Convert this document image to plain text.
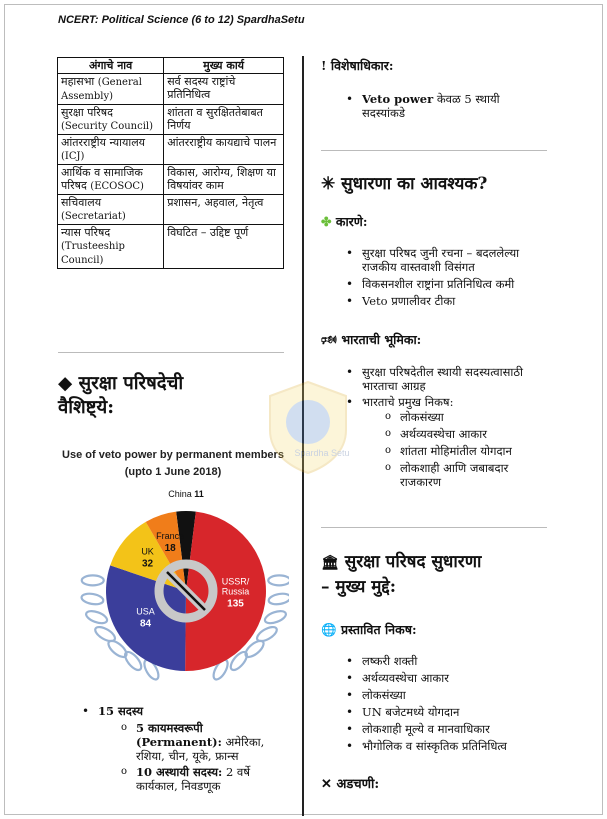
NCERT: Political Science (6 to 12) SpardhaSetu
अंगाचे नाव	मुख्य कार्य
महासभा (General Assembly)	सर्व सदस्य राष्ट्रांचे प्रतिनिधित्व
सुरक्षा परिषद (Security Council)	शांतता व सुरक्षिततेबाबत निर्णय
आंतरराष्ट्रीय न्यायालय (ICJ)	आंतरराष्ट्रीय कायद्याचे पालन
आर्थिक व सामाजिक परिषद (ECOSOC)	विकास, आरोग्य, शिक्षण या विषयांवर काम
सचिवालय (Secretariat)	प्रशासन, अहवाल, नेतृत्व
न्यास परिषद (Trusteeship Council)	विघटित – उद्दिष्ट पूर्ण
◆ सुरक्षा परिषदेची
वैशिष्ट्ये:
Use of veto power by permanent members
(upto 1 June 2018)
China 11
USSR/ Russia 135
USA 84
UK 32
France 18
• 15 सदस्य
o 5 कायमस्वरूपी (Permanent): अमेरिका, रशिया, चीन, यूके, फ्रान्स
o 10 अस्थायी सदस्य: 2 वर्षे कार्यकाल, निवडणूक
Spardha Setu
! विशेषाधिकार:
• Veto power केवळ 5 स्थायी सदस्यांकडे
✳ सुधारणा का आवश्यक?
✤ कारणे:
• सुरक्षा परिषद जुनी रचना – बदललेल्या राजकीय वास्तवाशी विसंगत
• विकसनशील राष्ट्रांना प्रतिनिधित्व कमी
• Veto प्रणालीवर टीका
🕬 भारताची भूमिका:
• सुरक्षा परिषदेतील स्थायी सदस्यत्वासाठी भारताचा आग्रह
• भारताचे प्रमुख निकष:
o लोकसंख्या
o अर्थव्यवस्थेचा आकार
o शांतता मोहिमांतील योगदान
o लोकशाही आणि जबाबदार राजकारण
🏛 सुरक्षा परिषद सुधारणा
– मुख्य मुद्दे:
🌐 प्रस्तावित निकष:
• लष्करी शक्ती
• अर्थव्यवस्थेचा आकार
• लोकसंख्या
• UN बजेटमध्ये योगदान
• लोकशाही मूल्ये व मानवाधिकार
• भौगोलिक व सांस्कृतिक प्रतिनिधित्व
✕ अडचणी:
